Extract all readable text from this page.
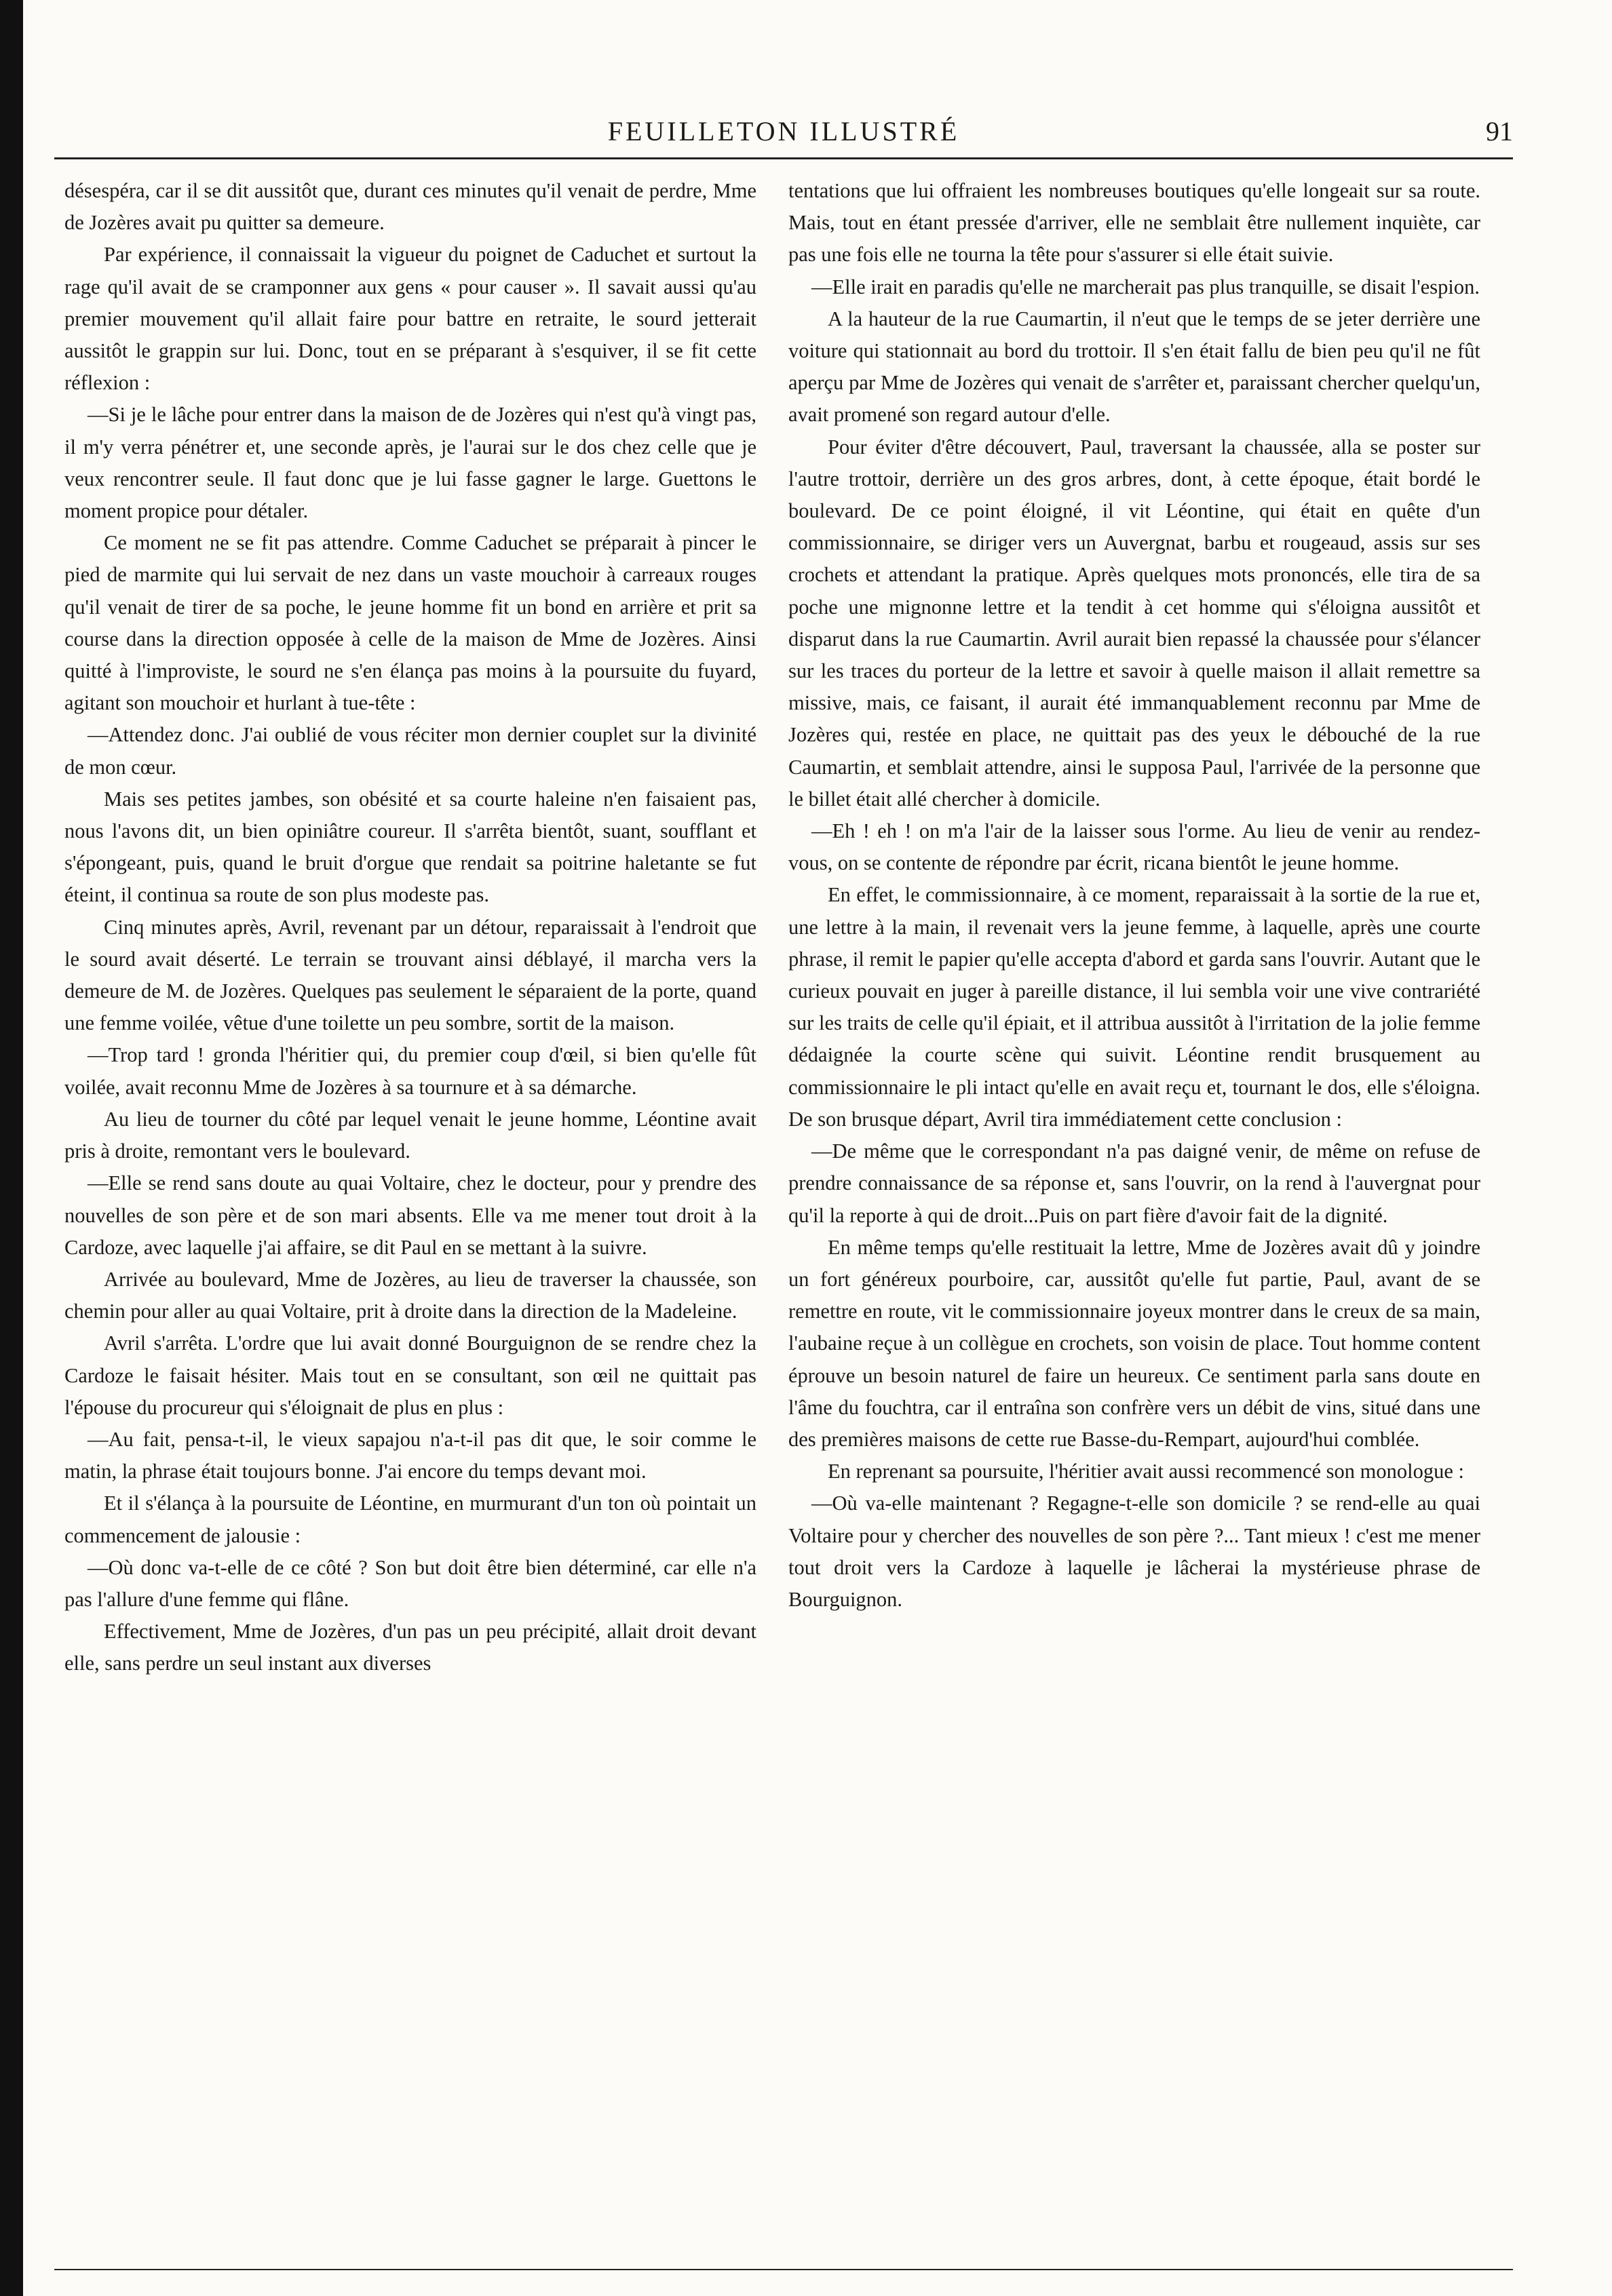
FEUILLETON ILLUSTRÉ	91

désespéra, car il se dit aussitôt que, durant ces minutes qu'il venait de perdre, Mme de Jozères avait pu quitter sa demeure.

Par expérience, il connaissait la vigueur du poignet de Caduchet et surtout la rage qu'il avait de se cramponner aux gens « pour causer ». Il savait aussi qu'au premier mouvement qu'il allait faire pour battre en retraite, le sourd jetterait aussitôt le grappin sur lui. Donc, tout en se préparant à s'esquiver, il se fit cette réflexion :

—Si je le lâche pour entrer dans la maison de de Jozères qui n'est qu'à vingt pas, il m'y verra pénétrer et, une seconde après, je l'aurai sur le dos chez celle que je veux rencontrer seule. Il faut donc que je lui fasse gagner le large. Guettons le moment propice pour détaler.

Ce moment ne se fit pas attendre. Comme Caduchet se préparait à pincer le pied de marmite qui lui servait de nez dans un vaste mouchoir à carreaux rouges qu'il venait de tirer de sa poche, le jeune homme fit un bond en arrière et prit sa course dans la direction opposée à celle de la maison de Mme de Jozères. Ainsi quitté à l'improviste, le sourd ne s'en élança pas moins à la poursuite du fuyard, agitant son mouchoir et hurlant à tue-tête :

—Attendez donc. J'ai oublié de vous réciter mon dernier couplet sur la divinité de mon cœur.

Mais ses petites jambes, son obésité et sa courte haleine n'en faisaient pas, nous l'avons dit, un bien opiniâtre coureur. Il s'arrêta bientôt, suant, soufflant et s'épongeant, puis, quand le bruit d'orgue que rendait sa poitrine haletante se fut éteint, il continua sa route de son plus modeste pas.

Cinq minutes après, Avril, revenant par un détour, reparaissait à l'endroit que le sourd avait déserté. Le terrain se trouvant ainsi déblayé, il marcha vers la demeure de M. de Jozères. Quelques pas seulement le séparaient de la porte, quand une femme voilée, vêtue d'une toilette un peu sombre, sortit de la maison.

—Trop tard ! gronda l'héritier qui, du premier coup d'œil, si bien qu'elle fût voilée, avait reconnu Mme de Jozères à sa tournure et à sa démarche.

Au lieu de tourner du côté par lequel venait le jeune homme, Léontine avait pris à droite, remontant vers le boulevard.

—Elle se rend sans doute au quai Voltaire, chez le docteur, pour y prendre des nouvelles de son père et de son mari absents. Elle va me mener tout droit à la Cardoze, avec laquelle j'ai affaire, se dit Paul en se mettant à la suivre.

Arrivée au boulevard, Mme de Jozères, au lieu de traverser la chaussée, son chemin pour aller au quai Voltaire, prit à droite dans la direction de la Madeleine.

Avril s'arrêta. L'ordre que lui avait donné Bourguignon de se rendre chez la Cardoze le faisait hésiter. Mais tout en se consultant, son œil ne quittait pas l'épouse du procureur qui s'éloignait de plus en plus :

—Au fait, pensa-t-il, le vieux sapajou n'a-t-il pas dit que, le soir comme le matin, la phrase était toujours bonne. J'ai encore du temps devant moi.

Et il s'élança à la poursuite de Léontine, en murmurant d'un ton où pointait un commencement de jalousie :

—Où donc va-t-elle de ce côté ? Son but doit être bien déterminé, car elle n'a pas l'allure d'une femme qui flâne.

Effectivement, Mme de Jozères, d'un pas un peu précipité, allait droit devant elle, sans perdre un seul instant aux diverses

tentations que lui offraient les nombreuses boutiques qu'elle longeait sur sa route. Mais, tout en étant pressée d'arriver, elle ne semblait être nullement inquiète, car pas une fois elle ne tourna la tête pour s'assurer si elle était suivie.

—Elle irait en paradis qu'elle ne marcherait pas plus tranquille, se disait l'espion.

A la hauteur de la rue Caumartin, il n'eut que le temps de se jeter derrière une voiture qui stationnait au bord du trottoir. Il s'en était fallu de bien peu qu'il ne fût aperçu par Mme de Jozères qui venait de s'arrêter et, paraissant chercher quelqu'un, avait promené son regard autour d'elle.

Pour éviter d'être découvert, Paul, traversant la chaussée, alla se poster sur l'autre trottoir, derrière un des gros arbres, dont, à cette époque, était bordé le boulevard. De ce point éloigné, il vit Léontine, qui était en quête d'un commissionnaire, se diriger vers un Auvergnat, barbu et rougeaud, assis sur ses crochets et attendant la pratique. Après quelques mots prononcés, elle tira de sa poche une mignonne lettre et la tendit à cet homme qui s'éloigna aussitôt et disparut dans la rue Caumartin. Avril aurait bien repassé la chaussée pour s'élancer sur les traces du porteur de la lettre et savoir à quelle maison il allait remettre sa missive, mais, ce faisant, il aurait été immanquablement reconnu par Mme de Jozères qui, restée en place, ne quittait pas des yeux le débouché de la rue Caumartin, et semblait attendre, ainsi le supposa Paul, l'arrivée de la personne que le billet était allé chercher à domicile.

—Eh ! eh ! on m'a l'air de la laisser sous l'orme. Au lieu de venir au rendez-vous, on se contente de répondre par écrit, ricana bientôt le jeune homme.

En effet, le commissionnaire, à ce moment, reparaissait à la sortie de la rue et, une lettre à la main, il revenait vers la jeune femme, à laquelle, après une courte phrase, il remit le papier qu'elle accepta d'abord et garda sans l'ouvrir. Autant que le curieux pouvait en juger à pareille distance, il lui sembla voir une vive contrariété sur les traits de celle qu'il épiait, et il attribua aussitôt à l'irritation de la jolie femme dédaignée la courte scène qui suivit. Léontine rendit brusquement au commissionnaire le pli intact qu'elle en avait reçu et, tournant le dos, elle s'éloigna. De son brusque départ, Avril tira immédiatement cette conclusion :

—De même que le correspondant n'a pas daigné venir, de même on refuse de prendre connaissance de sa réponse et, sans l'ouvrir, on la rend à l'auvergnat pour qu'il la reporte à qui de droit...Puis on part fière d'avoir fait de la dignité.

En même temps qu'elle restituait la lettre, Mme de Jozères avait dû y joindre un fort généreux pourboire, car, aussitôt qu'elle fut partie, Paul, avant de se remettre en route, vit le commissionnaire joyeux montrer dans le creux de sa main, l'aubaine reçue à un collègue en crochets, son voisin de place. Tout homme content éprouve un besoin naturel de faire un heureux. Ce sentiment parla sans doute en l'âme du fouchtra, car il entraîna son confrère vers un débit de vins, situé dans une des premières maisons de cette rue Basse-du-Rempart, aujourd'hui comblée.

En reprenant sa poursuite, l'héritier avait aussi recommencé son monologue :

—Où va-elle maintenant ? Regagne-t-elle son domicile ? se rend-elle au quai Voltaire pour y chercher des nouvelles de son père ?... Tant mieux ! c'est me mener tout droit vers la Cardoze à laquelle je lâcherai la mystérieuse phrase de Bourguignon.
